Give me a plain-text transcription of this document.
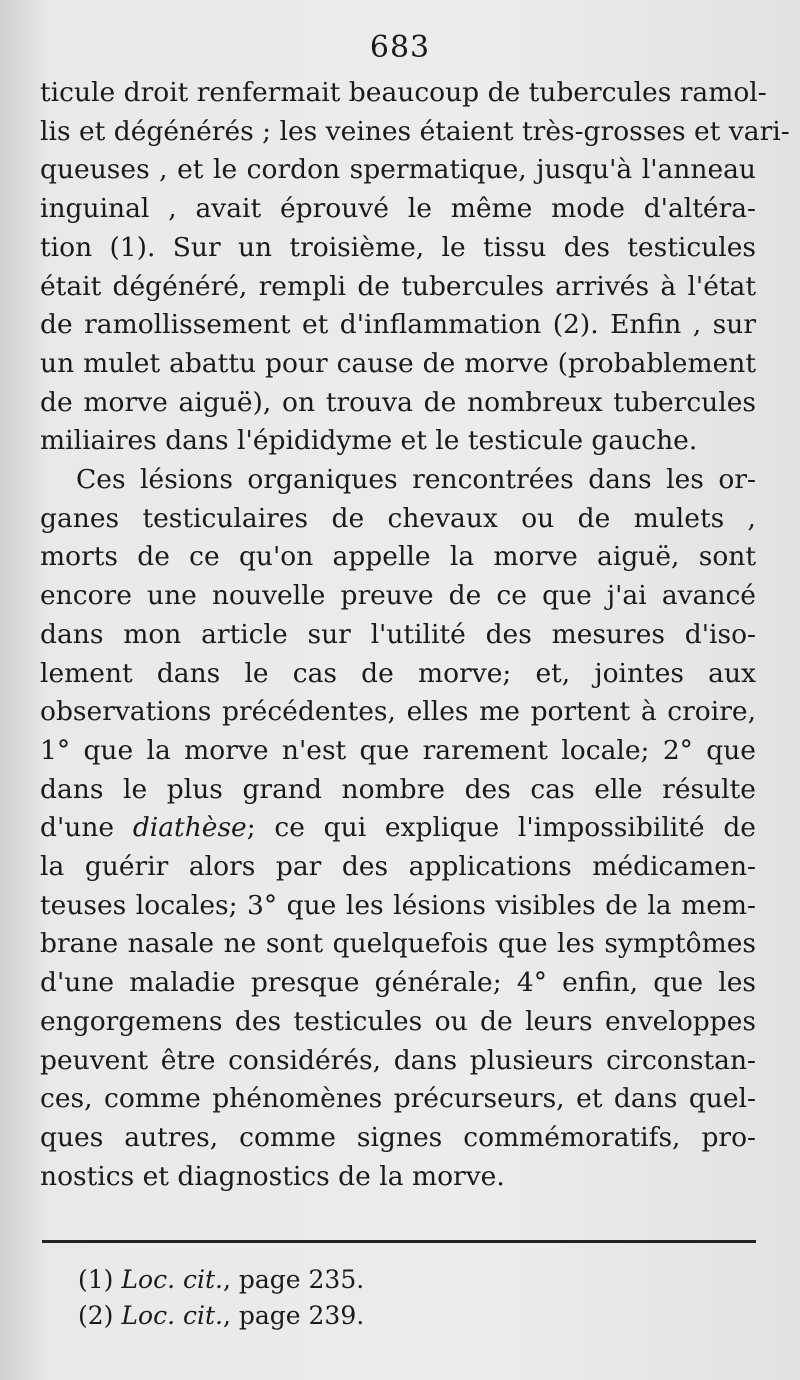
683
ticule droit renfermait beaucoup de tubercules ramol-
lis et dégénérés ; les veines étaient très-grosses et vari-
queuses , et le cordon spermatique, jusqu'à l'anneau
inguinal , avait éprouvé le même mode d'altéra-
tion (1). Sur un troisième, le tissu des testicules
était dégénéré, rempli de tubercules arrivés à l'état
de ramollissement et d'inflammation (2). Enfin , sur
un mulet abattu pour cause de morve (probablement
de morve aiguë), on trouva de nombreux tubercules
miliaires dans l'épididyme et le testicule gauche.
Ces lésions organiques rencontrées dans les or-
ganes testiculaires de chevaux ou de mulets ,
morts de ce qu'on appelle la morve aiguë, sont
encore une nouvelle preuve de ce que j'ai avancé
dans mon article sur l'utilité des mesures d'iso-
lement dans le cas de morve; et, jointes aux
observations précédentes, elles me portent à croire,
1° que la morve n'est que rarement locale; 2° que
dans le plus grand nombre des cas elle résulte
d'une diathèse; ce qui explique l'impossibilité de
la guérir alors par des applications médicamen-
teuses locales; 3° que les lésions visibles de la mem-
brane nasale ne sont quelquefois que les symptômes
d'une maladie presque générale; 4° enfin, que les
engorgemens des testicules ou de leurs enveloppes
peuvent être considérés, dans plusieurs circonstan-
ces, comme phénomènes précurseurs, et dans quel-
ques autres, comme signes commémoratifs, pro-
nostics et diagnostics de la morve.
(1) Loc. cit., page 235.
(2) Loc. cit., page 239.
